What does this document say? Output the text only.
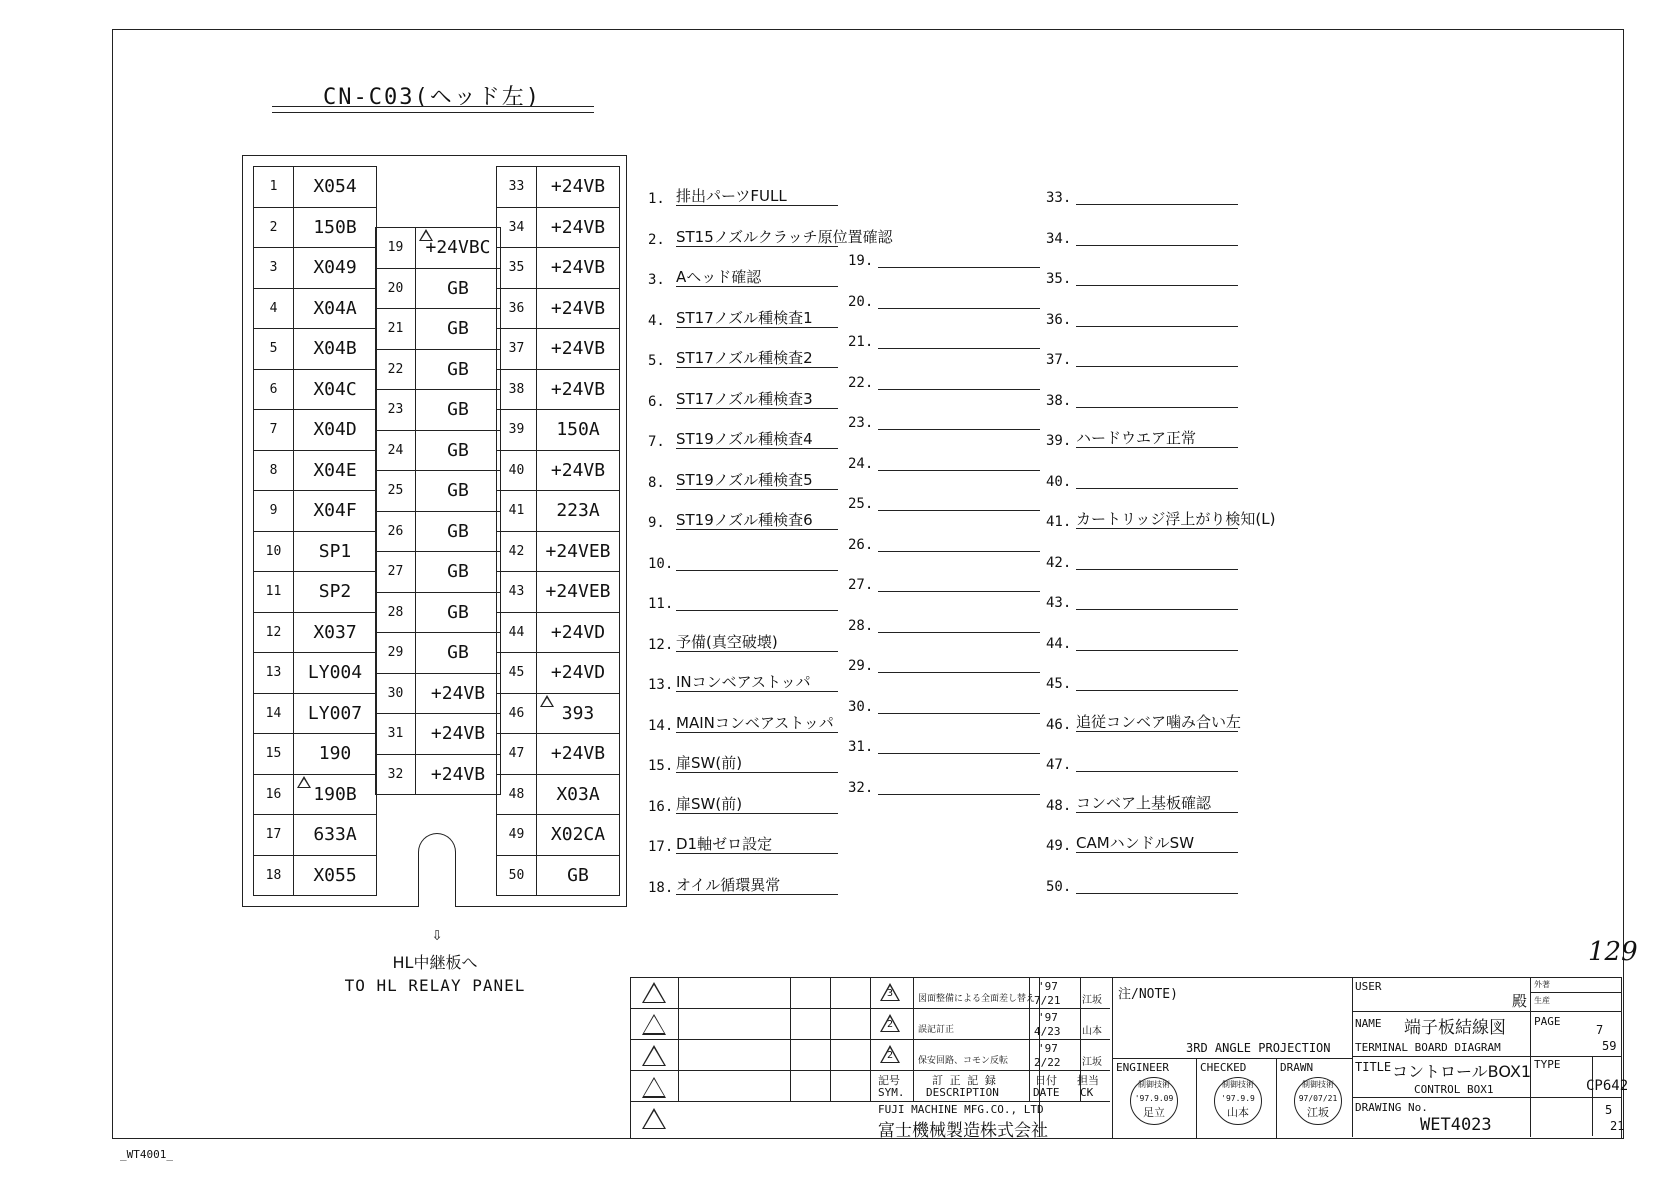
CN-C03(ヘッド左)
1	X054
2	150B
3	X049
4	X04A
5	X04B
6	X04C
7	X04D
8	X04E
9	X04F
10	SP1
11	SP2
12	X037
13	LY004
14	LY007
15	190
16	190B
17	633A
18	X055
19	+24VBC
20	GB
21	GB
22	GB
23	GB
24	GB
25	GB
26	GB
27	GB
28	GB
29	GB
30	+24VB
31	+24VB
32	+24VB
33	+24VB
34	+24VB
35	+24VB
36	+24VB
37	+24VB
38	+24VB
39	150A
40	+24VB
41	223A
42	+24VEB
43	+24VEB
44	+24VD
45	+24VD
46	393
47	+24VB
48	X03A
49	X02CA
50	GB
⇩
HL中継板へ
TO HL RELAY PANEL
1. 排出パーツFULL
2. ST15ノズルクラッチ原位置確認
3. Aヘッド確認
4. ST17ノズル種検査1
5. ST17ノズル種検査2
6. ST17ノズル種検査3
7. ST19ノズル種検査4
8. ST19ノズル種検査5
9. ST19ノズル種検査6
10.
11.
12. 予備(真空破壊)
13. INコンベアストッパ
14. MAINコンベアストッパ
15. 扉SW(前)
16. 扉SW(前)
17. D1軸ゼロ設定
18. オイル循環異常
19.
20.
21.
22.
23.
24.
25.
26.
27.
28.
29.
30.
31.
32.
33.
34.
35.
36.
37.
38.
39. ハードウエア正常
40.
41. カートリッジ浮上がり検知(L)
42.
43.
44.
45.
46. 追従コンベア噛み合い左
47.
48. コンベア上基板確認
49. CAMハンドルSW
50.
129
3	図面整備による全面差し替え
'97
7/21 江坂
2	誤記訂正
'97
4/23 山本
2	保安回路、コモン反転
'97
2/22 江坂
記号
SYM.
訂 正 記 録
DESCRIPTION
日付
DATE
担当
CK
FUJI MACHINE MFG.CO., LTD
富士機械製造株式会社
注/NOTE)
3RD ANGLE PROJECTION
ENGINEER
制御技術
'97.9.09
足立
CHECKED
制御技術
'97.9.9
山本
DRAWN
制御技術
97/07/21
江坂
USER
殿
外著
生産
NAME 端子板結線図
TERMINAL BOARD DIAGRAM
PAGE
7
59
TITLE コントロールBOX1
CONTROL BOX1
TYPE
CP642
DRAWING No.
WET4023
5
21
_WT4001_
